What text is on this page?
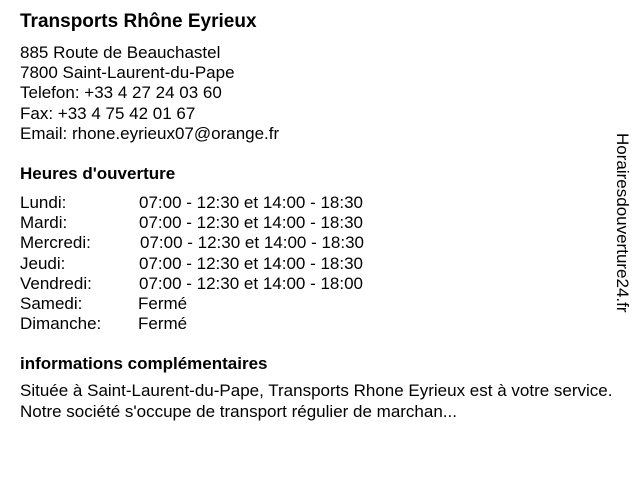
Transports Rhône Eyrieux
885 Route de Beauchastel
7800 Saint-Laurent-du-Pape
Telefon: +33 4 27 24 03 60
Fax: +33 4 75 42 01 67
Email: rhone.eyrieux07@orange.fr
Heures d'ouverture
Lundi:	07:00 - 12:30 et 14:00 - 18:30
Mardi:	07:00 - 12:30 et 14:00 - 18:30
Mercredi:	07:00 - 12:30 et 14:00 - 18:30
Jeudi:	07:00 - 12:30 et 14:00 - 18:30
Vendredi:	07:00 - 12:30 et 14:00 - 18:00
Samedi:	Fermé
Dimanche: Fermé
informations complémentaires
Située à Saint-Laurent-du-Pape, Transports Rhone Eyrieux est à votre service. Notre société s'occupe de transport régulier de marchan...
Horairesdouverture24.fr
